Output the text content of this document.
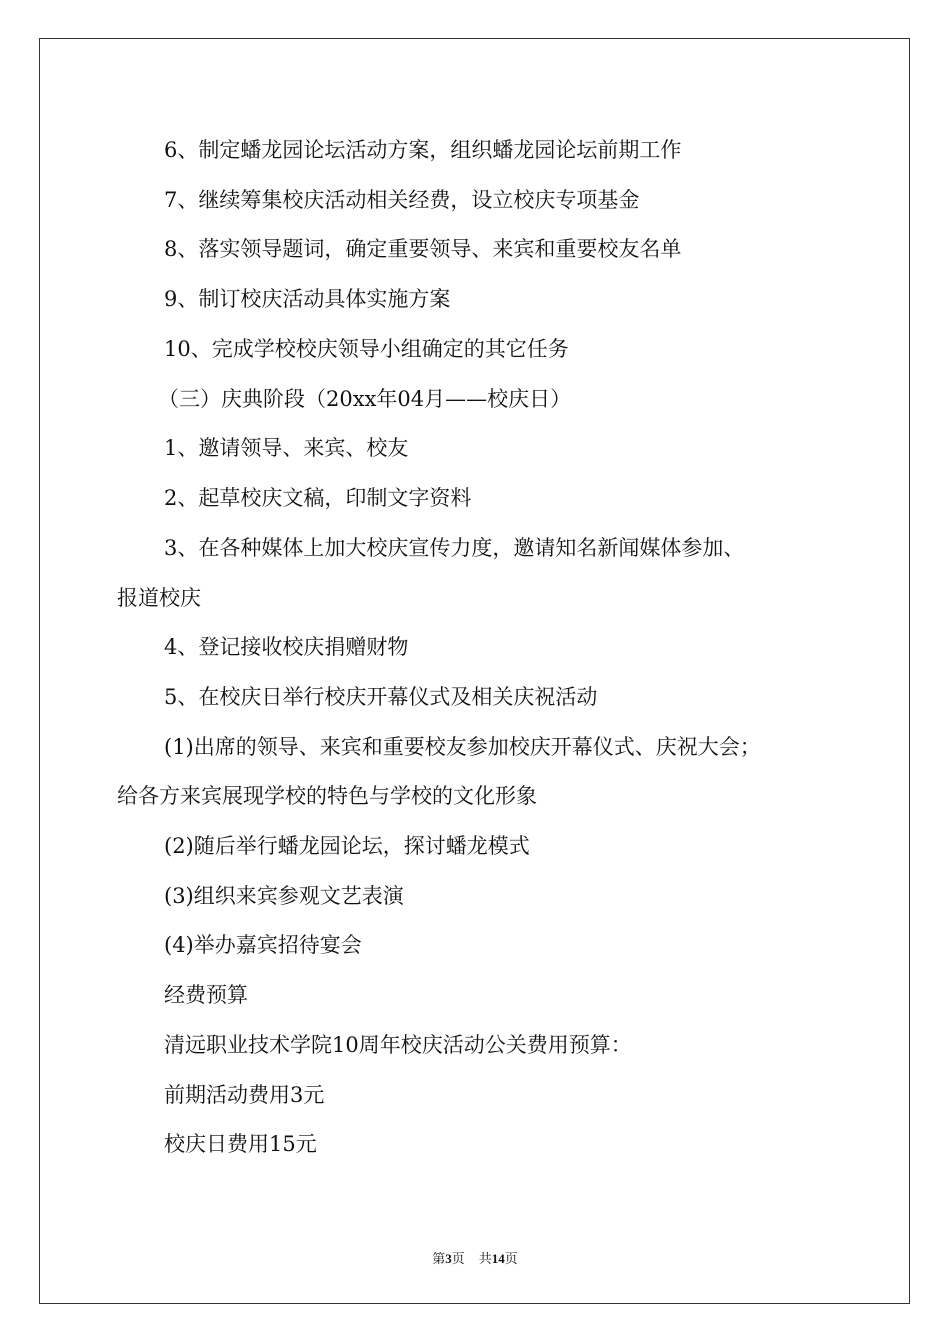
6、制定蟠龙园论坛活动方案，组织蟠龙园论坛前期工作

7、继续筹集校庆活动相关经费，设立校庆专项基金

8、落实领导题词，确定重要领导、来宾和重要校友名单

9、制订校庆活动具体实施方案

10、完成学校校庆领导小组确定的其它任务

（三）庆典阶段（20xx年04月——校庆日）

1、邀请领导、来宾、校友

2、起草校庆文稿，印制文字资料

3、在各种媒体上加大校庆宣传力度，邀请知名新闻媒体参加、

报道校庆

4、登记接收校庆捐赠财物

5、在校庆日举行校庆开幕仪式及相关庆祝活动

(1)出席的领导、来宾和重要校友参加校庆开幕仪式、庆祝大会；

给各方来宾展现学校的特色与学校的文化形象

(2)随后举行蟠龙园论坛，探讨蟠龙模式

(3)组织来宾参观文艺表演

(4)举办嘉宾招待宴会

经费预算

清远职业技术学院10周年校庆活动公关费用预算：

前期活动费用3元

校庆日费用15元

第3页 共14页
